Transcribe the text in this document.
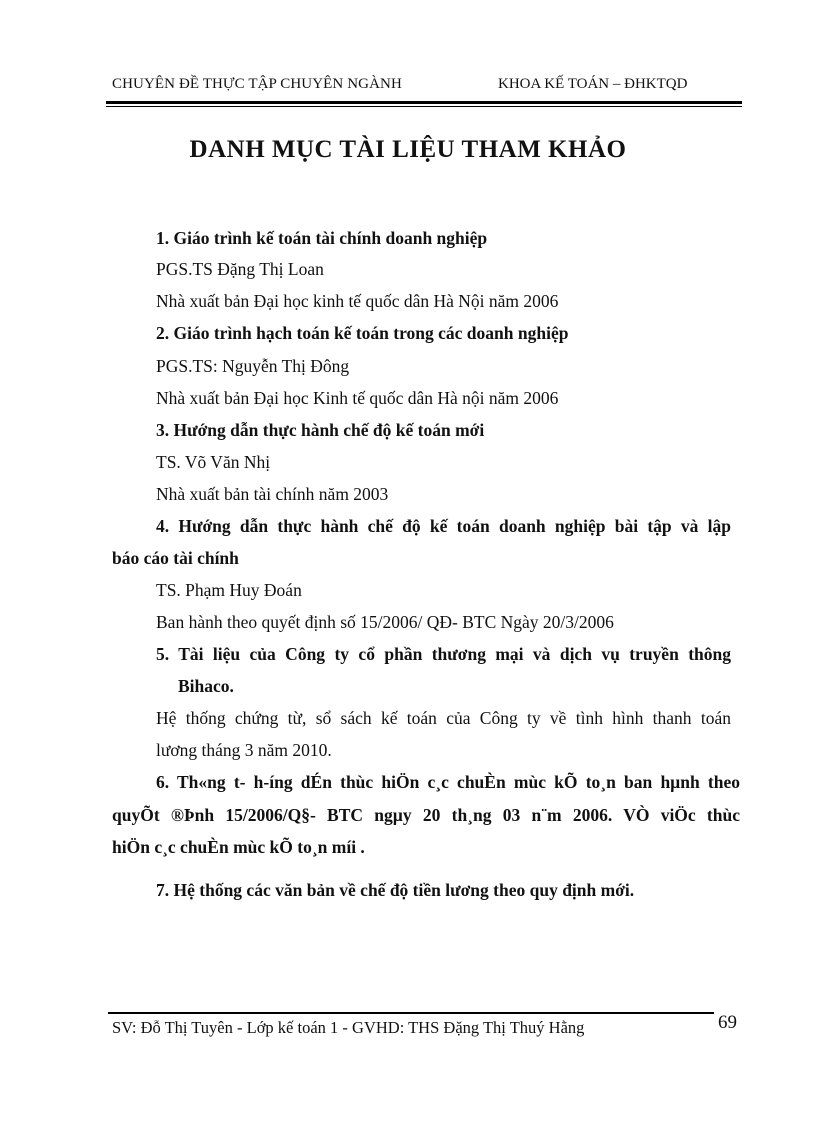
CHUYÊN ĐỀ THỰC TẬP CHUYÊN NGÀNH	KHOA KẾ TOÁN – ĐHKTQD
DANH MỤC TÀI LIỆU THAM KHẢO
1. Giáo trình kế toán tài chính doanh nghiệp
PGS.TS Đặng Thị Loan
Nhà xuất bản Đại học kinh tế quốc dân Hà Nội năm 2006
2. Giáo trình hạch toán kế toán trong các doanh nghiệp
PGS.TS: Nguyễn Thị Đông
Nhà xuất bản Đại học Kinh tế quốc dân Hà nội năm 2006
3. Hướng dẫn thực hành chế độ kế toán mới
TS. Võ Văn Nhị
Nhà xuất bản tài chính năm 2003
4. Hướng dẫn thực hành chế độ kế toán doanh nghiệp bài tập và lập
báo cáo tài chính
TS. Phạm Huy Đoán
Ban hành theo quyết định số 15/2006/ QĐ- BTC Ngày 20/3/2006
5. Tài liệu của Công ty cổ phần thương mại và dịch vụ truyền thông
Bihaco.
Hệ thống chứng từ, sổ sách kế toán của Công ty về tình hình thanh toán
lương tháng 3 năm 2010.
6. Th«ng t- h-íng dÉn thùc hiÖn c¸c chuÈn mùc kÕ to¸n ban hµnh theo
quyÕt ®Þnh 15/2006/Q§- BTC ngµy 20 th¸ng 03 n¨m 2006. VÒ viÖc thùc
hiÖn c¸c chuÈn mùc kÕ to¸n míi .
7. Hệ thống các văn bản về chế độ tiền lương theo quy định mới.
SV: Đỗ Thị Tuyên - Lớp kế toán 1 - GVHD: THS Đặng Thị Thuý Hằng	69
